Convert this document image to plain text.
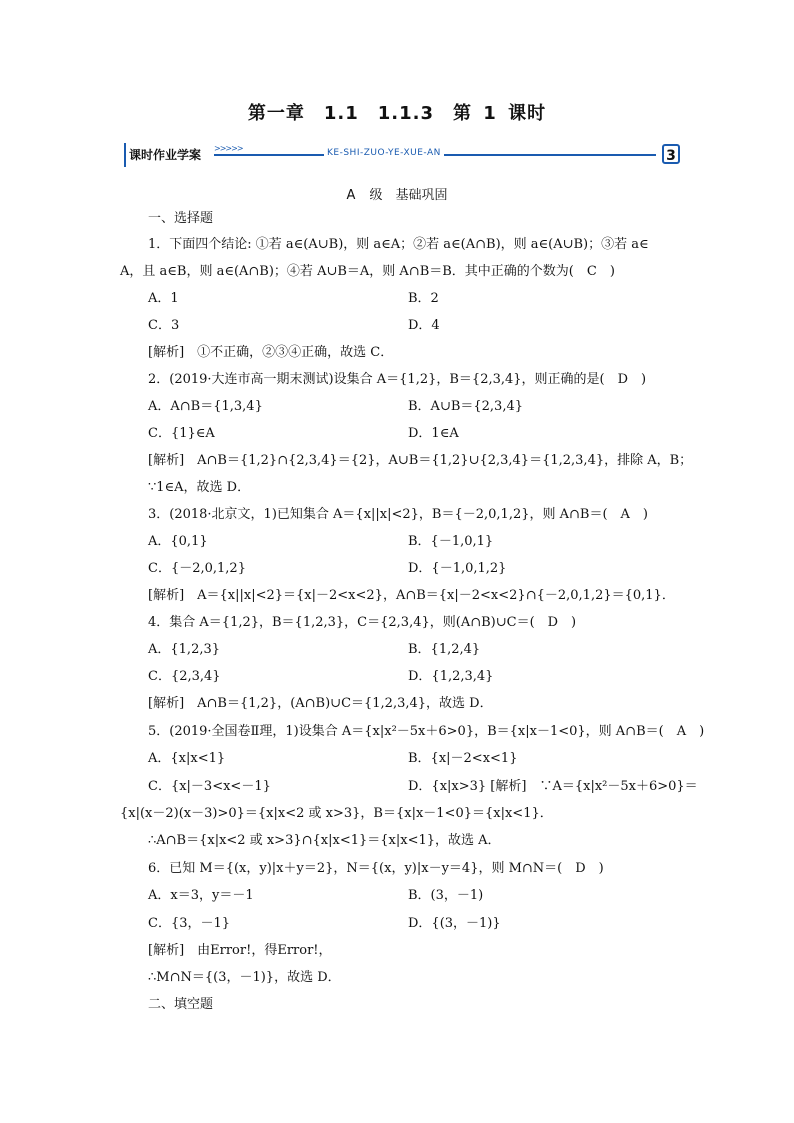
第一章　1.1　1.1.3　第 1 课时
课时作业学案 >>>>>	KE-SHI-ZUO-YE-XUE-AN	3
A 级　基础巩固
一、选择题
1．下面四个结论: ①若 a∈(A∪B)，则 a∈A；②若 a∈(A∩B)，则 a∈(A∪B)；③若 a∈
A，且 a∈B，则 a∈(A∩B)；④若 A∪B＝A，则 A∩B＝B．其中正确的个数为(　C　)
A．1	B．2
C．3	D．4
[解析]　①不正确，②③④正确，故选 C．
2．(2019·大连市高一期末测试)设集合 A＝{1,2}，B＝{2,3,4}，则正确的是(　D　)
A．A∩B＝{1,3,4}	B．A∪B＝{2,3,4}
C．{1}∈A	D．1∈A
[解析]　A∩B＝{1,2}∩{2,3,4}＝{2}，A∪B＝{1,2}∪{2,3,4}＝{1,2,3,4}，排除 A，B；
∵1∈A，故选 D．
3．(2018·北京文，1)已知集合 A＝{x||x|<2}，B＝{－2,0,1,2}，则 A∩B＝(　A　)
A．{0,1}	B．{－1,0,1}
C．{－2,0,1,2}	D．{－1,0,1,2}
[解析]　A＝{x||x|<2}＝{x|－2<x<2}，A∩B＝{x|－2<x<2}∩{－2,0,1,2}＝{0,1}．
4．集合 A＝{1,2}，B＝{1,2,3}，C＝{2,3,4}，则(A∩B)∪C＝(　D　)
A．{1,2,3}	B．{1,2,4}
C．{2,3,4}	D．{1,2,3,4}
[解析]　A∩B＝{1,2}，(A∩B)∪C＝{1,2,3,4}，故选 D．
5．(2019·全国卷Ⅱ理，1)设集合 A＝{x|x²－5x＋6>0}，B＝{x|x－1<0}，则 A∩B＝(　A　)
A．{x|x<1}	B．{x|－2<x<1}
C．{x|－3<x<－1}	D．{x|x>3} [解析]　∵A＝{x|x²－5x＋6>0}＝
{x|(x－2)(x－3)>0}＝{x|x<2 或 x>3}，B＝{x|x－1<0}＝{x|x<1}．
∴A∩B＝{x|x<2 或 x>3}∩{x|x<1}＝{x|x<1}，故选 A．
6．已知 M＝{(x，y)|x＋y＝2}，N＝{(x，y)|x－y＝4}，则 M∩N＝(　D　)
A．x＝3，y＝－1	B．(3，－1)
C．{3，－1}	D．{(3，－1)}
[解析]　由Error!，得Error!，
∴M∩N＝{(3，－1)}，故选 D．
二、填空题
